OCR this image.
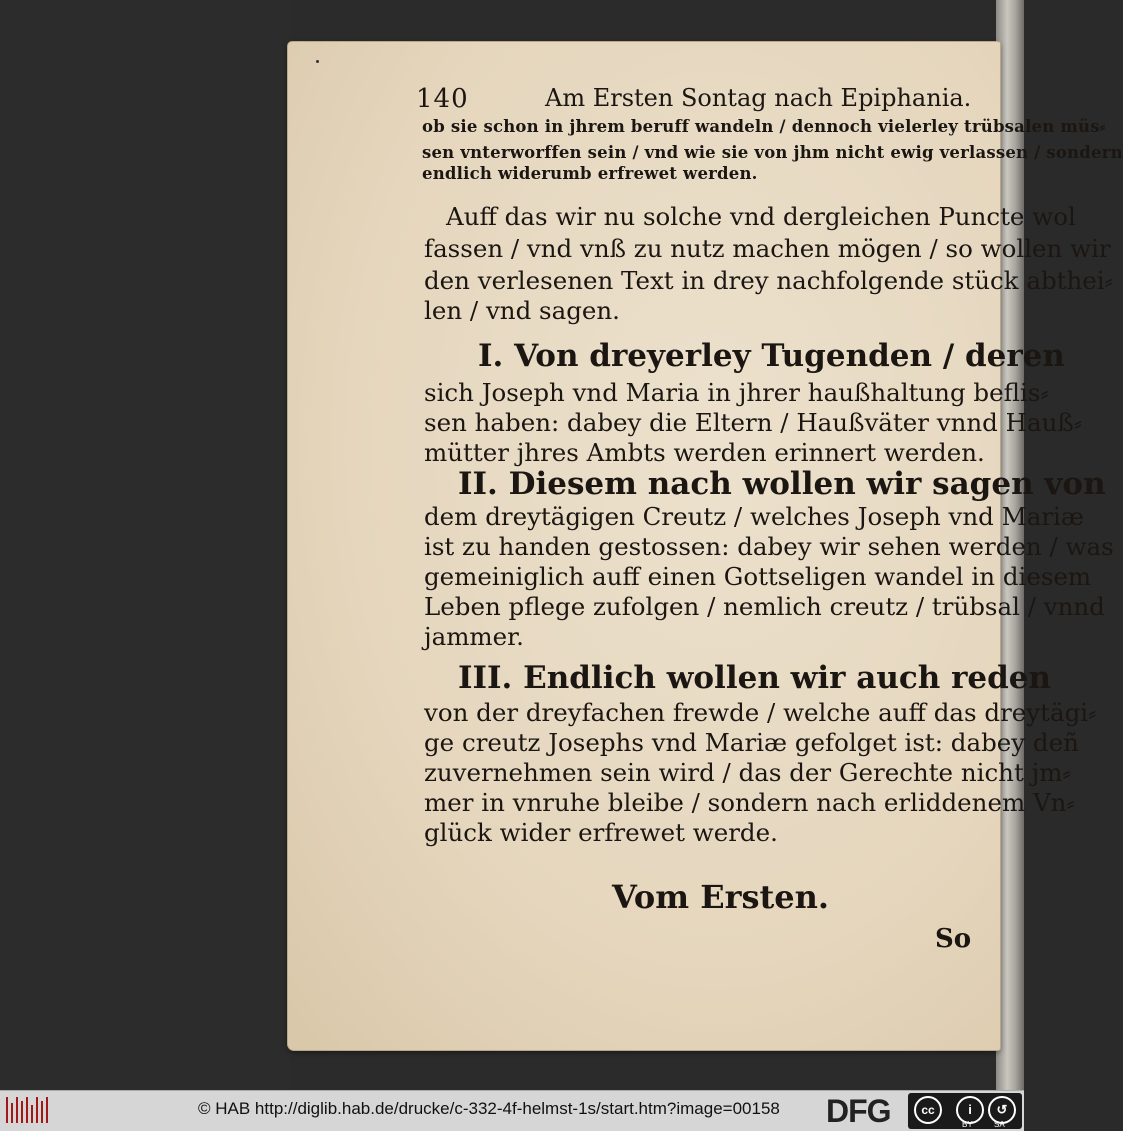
140	Am Ersten Sontag nach Epiphania.
ob sie schon in jhrem beruff wandeln / dennoch vielerley trübsalen müs⸗
sen vnterworffen sein / vnd wie sie von jhm nicht ewig verlassen / sondern
endlich widerumb erfrewet werden.
Auff das wir nu solche vnd dergleichen Puncte wol
fassen / vnd vnß zu nutz machen mögen / so wollen wir
den verlesenen Text in drey nachfolgende stück abthei⸗
len / vnd sagen.
I. Von dreyerley Tugenden / deren
sich Joseph vnd Maria in jhrer haußhaltung beflis⸗
sen haben: dabey die Eltern / Haußväter vnnd Hauß⸗
mütter jhres Ambts werden erinnert werden.
II. Diesem nach wollen wir sagen von
dem dreytägigen Creutz / welches Joseph vnd Mariæ
ist zu handen gestossen: dabey wir sehen werden / was
gemeiniglich auff einen Gottseligen wandel in diesem
Leben pflege zufolgen / nemlich creutz / trübsal / vnnd
jammer.
III. Endlich wollen wir auch reden
von der dreyfachen frewde / welche auff das dreytägi⸗
ge creutz Josephs vnd Mariæ gefolget ist: dabey deñ
zuvernehmen sein wird / das der Gerechte nicht jm⸗
mer in vnruhe bleibe / sondern nach erliddenem Vn⸗
glück wider erfrewet werde.
Vom Ersten.
So
© HAB http://diglib.hab.de/drucke/c-332-4f-helmst-1s/start.htm?image=00158 DFG	cc	i	↺
BY	SA
